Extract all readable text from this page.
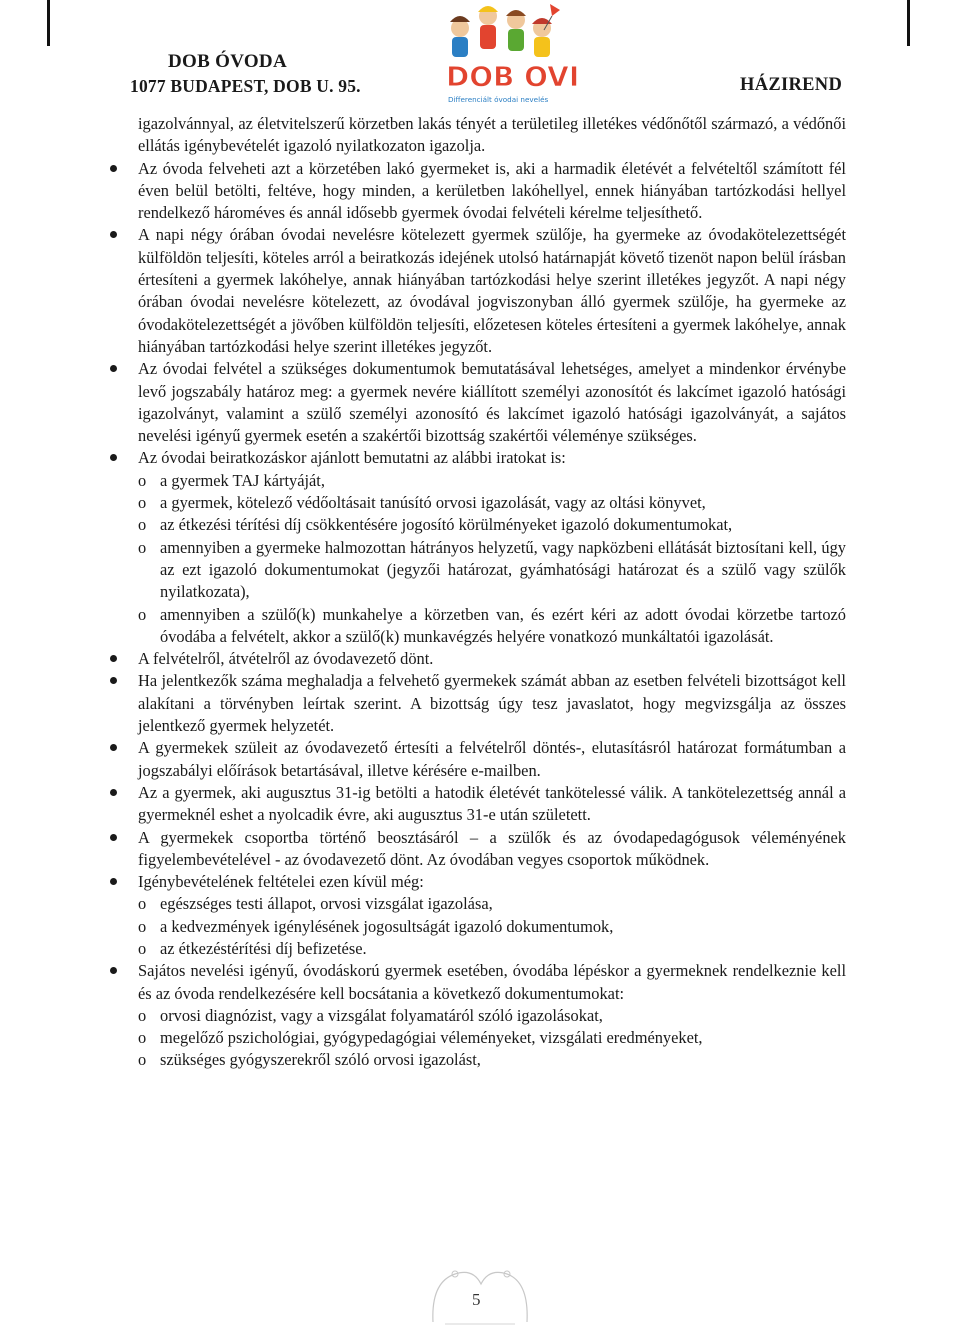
DOB ÓVODA
1077 BUDAPEST, DOB U. 95.	DOB OVI
Differenciált óvodai nevelés
HÁZIREND
igazolvánnyal, az életvitelszerű körzetben lakás tényét a területileg illetékes védőnőtől származó, a védőnői ellátás igénybevételét igazoló nyilatkozaton igazolja.
Az óvoda felveheti azt a körzetében lakó gyermeket is, aki a harmadik életévét a felvételtől számított fél éven belül betölti, feltéve, hogy minden, a kerületben lakóhellyel, ennek hiányában tartózkodási hellyel rendelkező hároméves és annál idősebb gyermek óvodai felvételi kérelme teljesíthető.
A napi négy órában óvodai nevelésre kötelezett gyermek szülője, ha gyermeke az óvodakötelezettségét külföldön teljesíti, köteles arról a beiratkozás idejének utolsó határnapját követő tizenöt napon belül írásban értesíteni a gyermek lakóhelye, annak hiányában tartózkodási helye szerint illetékes jegyzőt. A napi négy órában óvodai nevelésre kötelezett, az óvodával jogviszonyban álló gyermek szülője, ha gyermeke az óvodakötelezettségét a jövőben külföldön teljesíti, előzetesen köteles értesíteni a gyermek lakóhelye, annak hiányában tartózkodási helye szerint illetékes jegyzőt.
Az óvodai felvétel a szükséges dokumentumok bemutatásával lehetséges, amelyet a mindenkor érvénybe levő jogszabály határoz meg: a gyermek nevére kiállított személyi azonosítót és lakcímet igazoló hatósági igazolványt, valamint a szülő személyi azonosító és lakcímet igazoló hatósági igazolványát, a sajátos nevelési igényű gyermek esetén a szakértői bizottság szakértői véleménye szükséges.
Az óvodai beiratkozáskor ajánlott bemutatni az alábbi iratokat is:
o a gyermek TAJ kártyáját,
o a gyermek, kötelező védőoltásait tanúsító orvosi igazolását, vagy az oltási könyvet,
o az étkezési térítési díj csökkentésére jogosító körülményeket igazoló dokumentumokat,
o amennyiben a gyermeke halmozottan hátrányos helyzetű, vagy napközbeni ellátását biztosítani kell, úgy az ezt igazoló dokumentumokat (jegyzői határozat, gyámhatósági határozat és a szülő vagy szülők nyilatkozata),
o amennyiben a szülő(k) munkahelye a körzetben van, és ezért kéri az adott óvodai körzetbe tartozó óvodába a felvételt, akkor a szülő(k) munkavégzés helyére vonatkozó munkáltatói igazolását.
A felvételről, átvételről az óvodavezető dönt.
Ha jelentkezők száma meghaladja a felvehető gyermekek számát abban az esetben felvételi bizottságot kell alakítani a törvényben leírtak szerint. A bizottság úgy tesz javaslatot, hogy megvizsgálja az összes jelentkező gyermek helyzetét.
A gyermekek szüleit az óvodavezető értesíti a felvételről döntés-, elutasításról határozat formátumban a jogszabályi előírások betartásával, illetve kérésére e-mailben.
Az a gyermek, aki augusztus 31-ig betölti a hatodik életévét tankötelessé válik. A tankötelezettség annál a gyermeknél eshet a nyolcadik évre, aki augusztus 31-e után született.
A gyermekek csoportba történő beosztásáról – a szülők és az óvodapedagógusok véleményének figyelembevételével - az óvodavezető dönt. Az óvodában vegyes csoportok működnek.
Igénybevételének feltételei ezen kívül még:
o egészséges testi állapot, orvosi vizsgálat igazolása,
o a kedvezmények igénylésének jogosultságát igazoló dokumentumok,
o az étkezéstérítési díj befizetése.
Sajátos nevelési igényű, óvodáskorú gyermek esetében, óvodába lépéskor a gyermeknek rendelkeznie kell és az óvoda rendelkezésére kell bocsátania a következő dokumentumokat:
o orvosi diagnózist, vagy a vizsgálat folyamatáról szóló igazolásokat,
o megelőző pszichológiai, gyógypedagógiai véleményeket, vizsgálati eredményeket,
o szükséges gyógyszerekről szóló orvosi igazolást,
5
